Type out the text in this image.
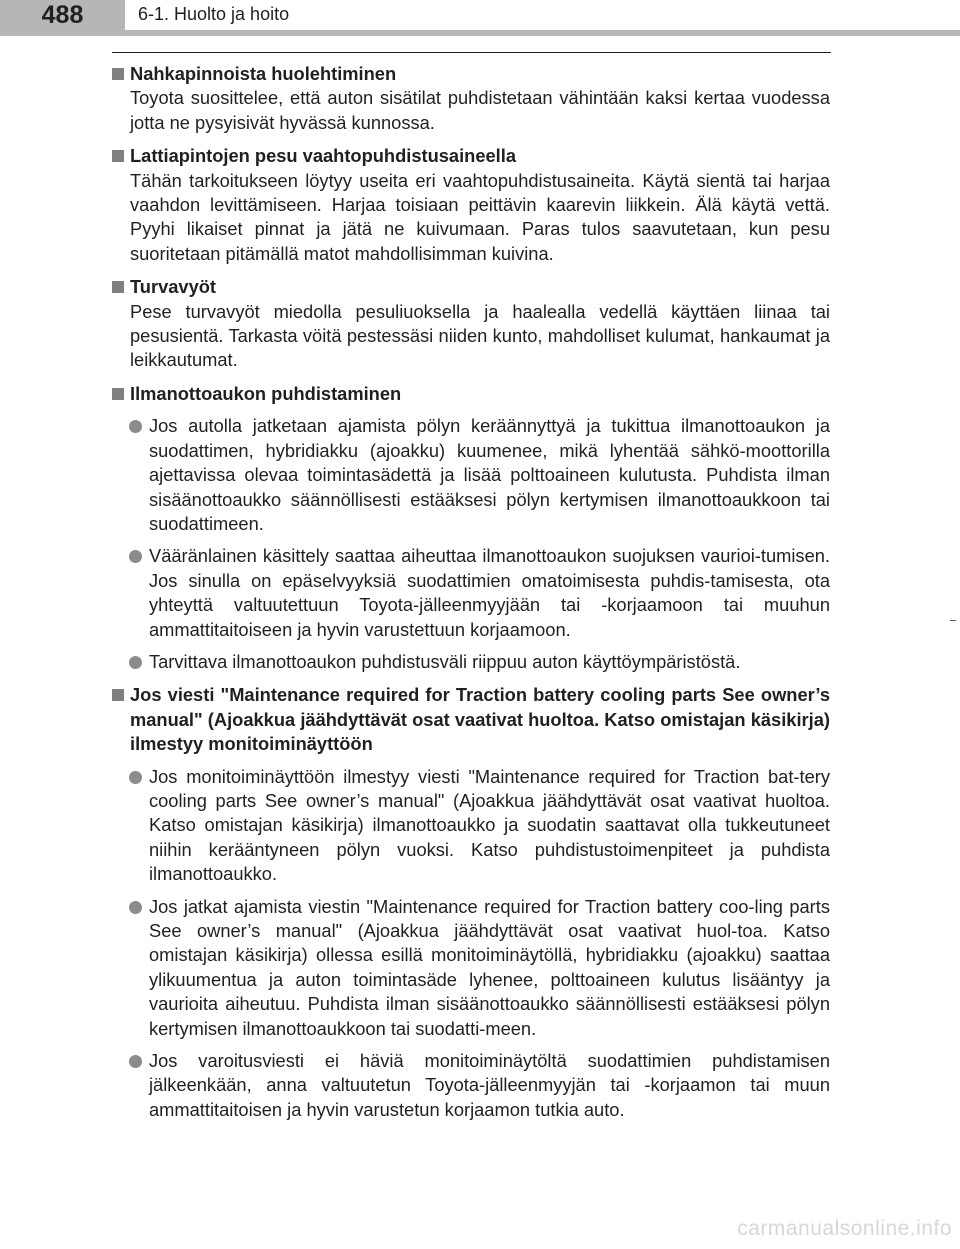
488	6-1. Huolto ja hoito
Nahkapinnoista huolehtiminen
Toyota suosittelee, että auton sisätilat puhdistetaan vähintään kaksi kertaa vuodessa jotta ne pysyisivät hyvässä kunnossa.
Lattiapintojen pesu vaahtopuhdistusaineella
Tähän tarkoitukseen löytyy useita eri vaahtopuhdistusaineita. Käytä sientä tai harjaa vaahdon levittämiseen. Harjaa toisiaan peittävin kaarevin liikkein. Älä käytä vettä. Pyyhi likaiset pinnat ja jätä ne kuivumaan. Paras tulos saavutetaan, kun pesu suoritetaan pitämällä matot mahdollisimman kuivina.
Turvavyöt
Pese turvavyöt miedolla pesuliuoksella ja haalealla vedellä käyttäen liinaa tai pesusientä. Tarkasta vöitä pestessäsi niiden kunto, mahdolliset kulumat, hankaumat ja leikkautumat.
Ilmanottoaukon puhdistaminen
Jos autolla jatketaan ajamista pölyn keräännyttyä ja tukittua ilmanottoaukon ja suodattimen, hybridiakku (ajoakku) kuumenee, mikä lyhentää sähkö-moottorilla ajettavissa olevaa toimintasädettä ja lisää polttoaineen kulutusta. Puhdista ilman sisäänottoaukko säännöllisesti estääksesi pölyn kertymisen ilmanottoaukkoon tai suodattimeen.
Vääränlainen käsittely saattaa aiheuttaa ilmanottoaukon suojuksen vaurioi-tumisen. Jos sinulla on epäselvyyksiä suodattimien omatoimisesta puhdis-tamisesta, ota yhteyttä valtuutettuun Toyota-jälleenmyyjään tai -korjaamoon tai muuhun ammattitaitoiseen ja hyvin varustettuun korjaamoon.
Tarvittava ilmanottoaukon puhdistusväli riippuu auton käyttöympäristöstä.
Jos viesti "Maintenance required for Traction battery cooling parts See owner’s manual" (Ajoakkua jäähdyttävät osat vaativat huoltoa. Katso omistajan käsikirja) ilmestyy monitoiminäyttöön
Jos monitoiminäyttöön ilmestyy viesti "Maintenance required for Traction bat-tery cooling parts See owner’s manual" (Ajoakkua jäähdyttävät osat vaativat huoltoa. Katso omistajan käsikirja) ilmanottoaukko ja suodatin saattavat olla tukkeutuneet niihin kerääntyneen pölyn vuoksi. Katso puhdistustoimenpiteet ja puhdista ilmanottoaukko.
Jos jatkat ajamista viestin "Maintenance required for Traction battery coo-ling parts See owner’s manual" (Ajoakkua jäähdyttävät osat vaativat huol-toa. Katso omistajan käsikirja) ollessa esillä monitoiminäytöllä, hybridiakku (ajoakku) saattaa ylikuumentua ja auton toimintasäde lyhenee, polttoaineen kulutus lisääntyy ja vaurioita aiheutuu. Puhdista ilman sisäänottoaukko säännöllisesti estääksesi pölyn kertymisen ilmanottoaukkoon tai suodatti-meen.
Jos varoitusviesti ei häviä monitoiminäytöltä suodattimien puhdistamisen jälkeenkään, anna valtuutetun Toyota-jälleenmyyjän tai -korjaamon tai muun ammattitaitoisen ja hyvin varustetun korjaamon tutkia auto.
carmanualsonline.info
